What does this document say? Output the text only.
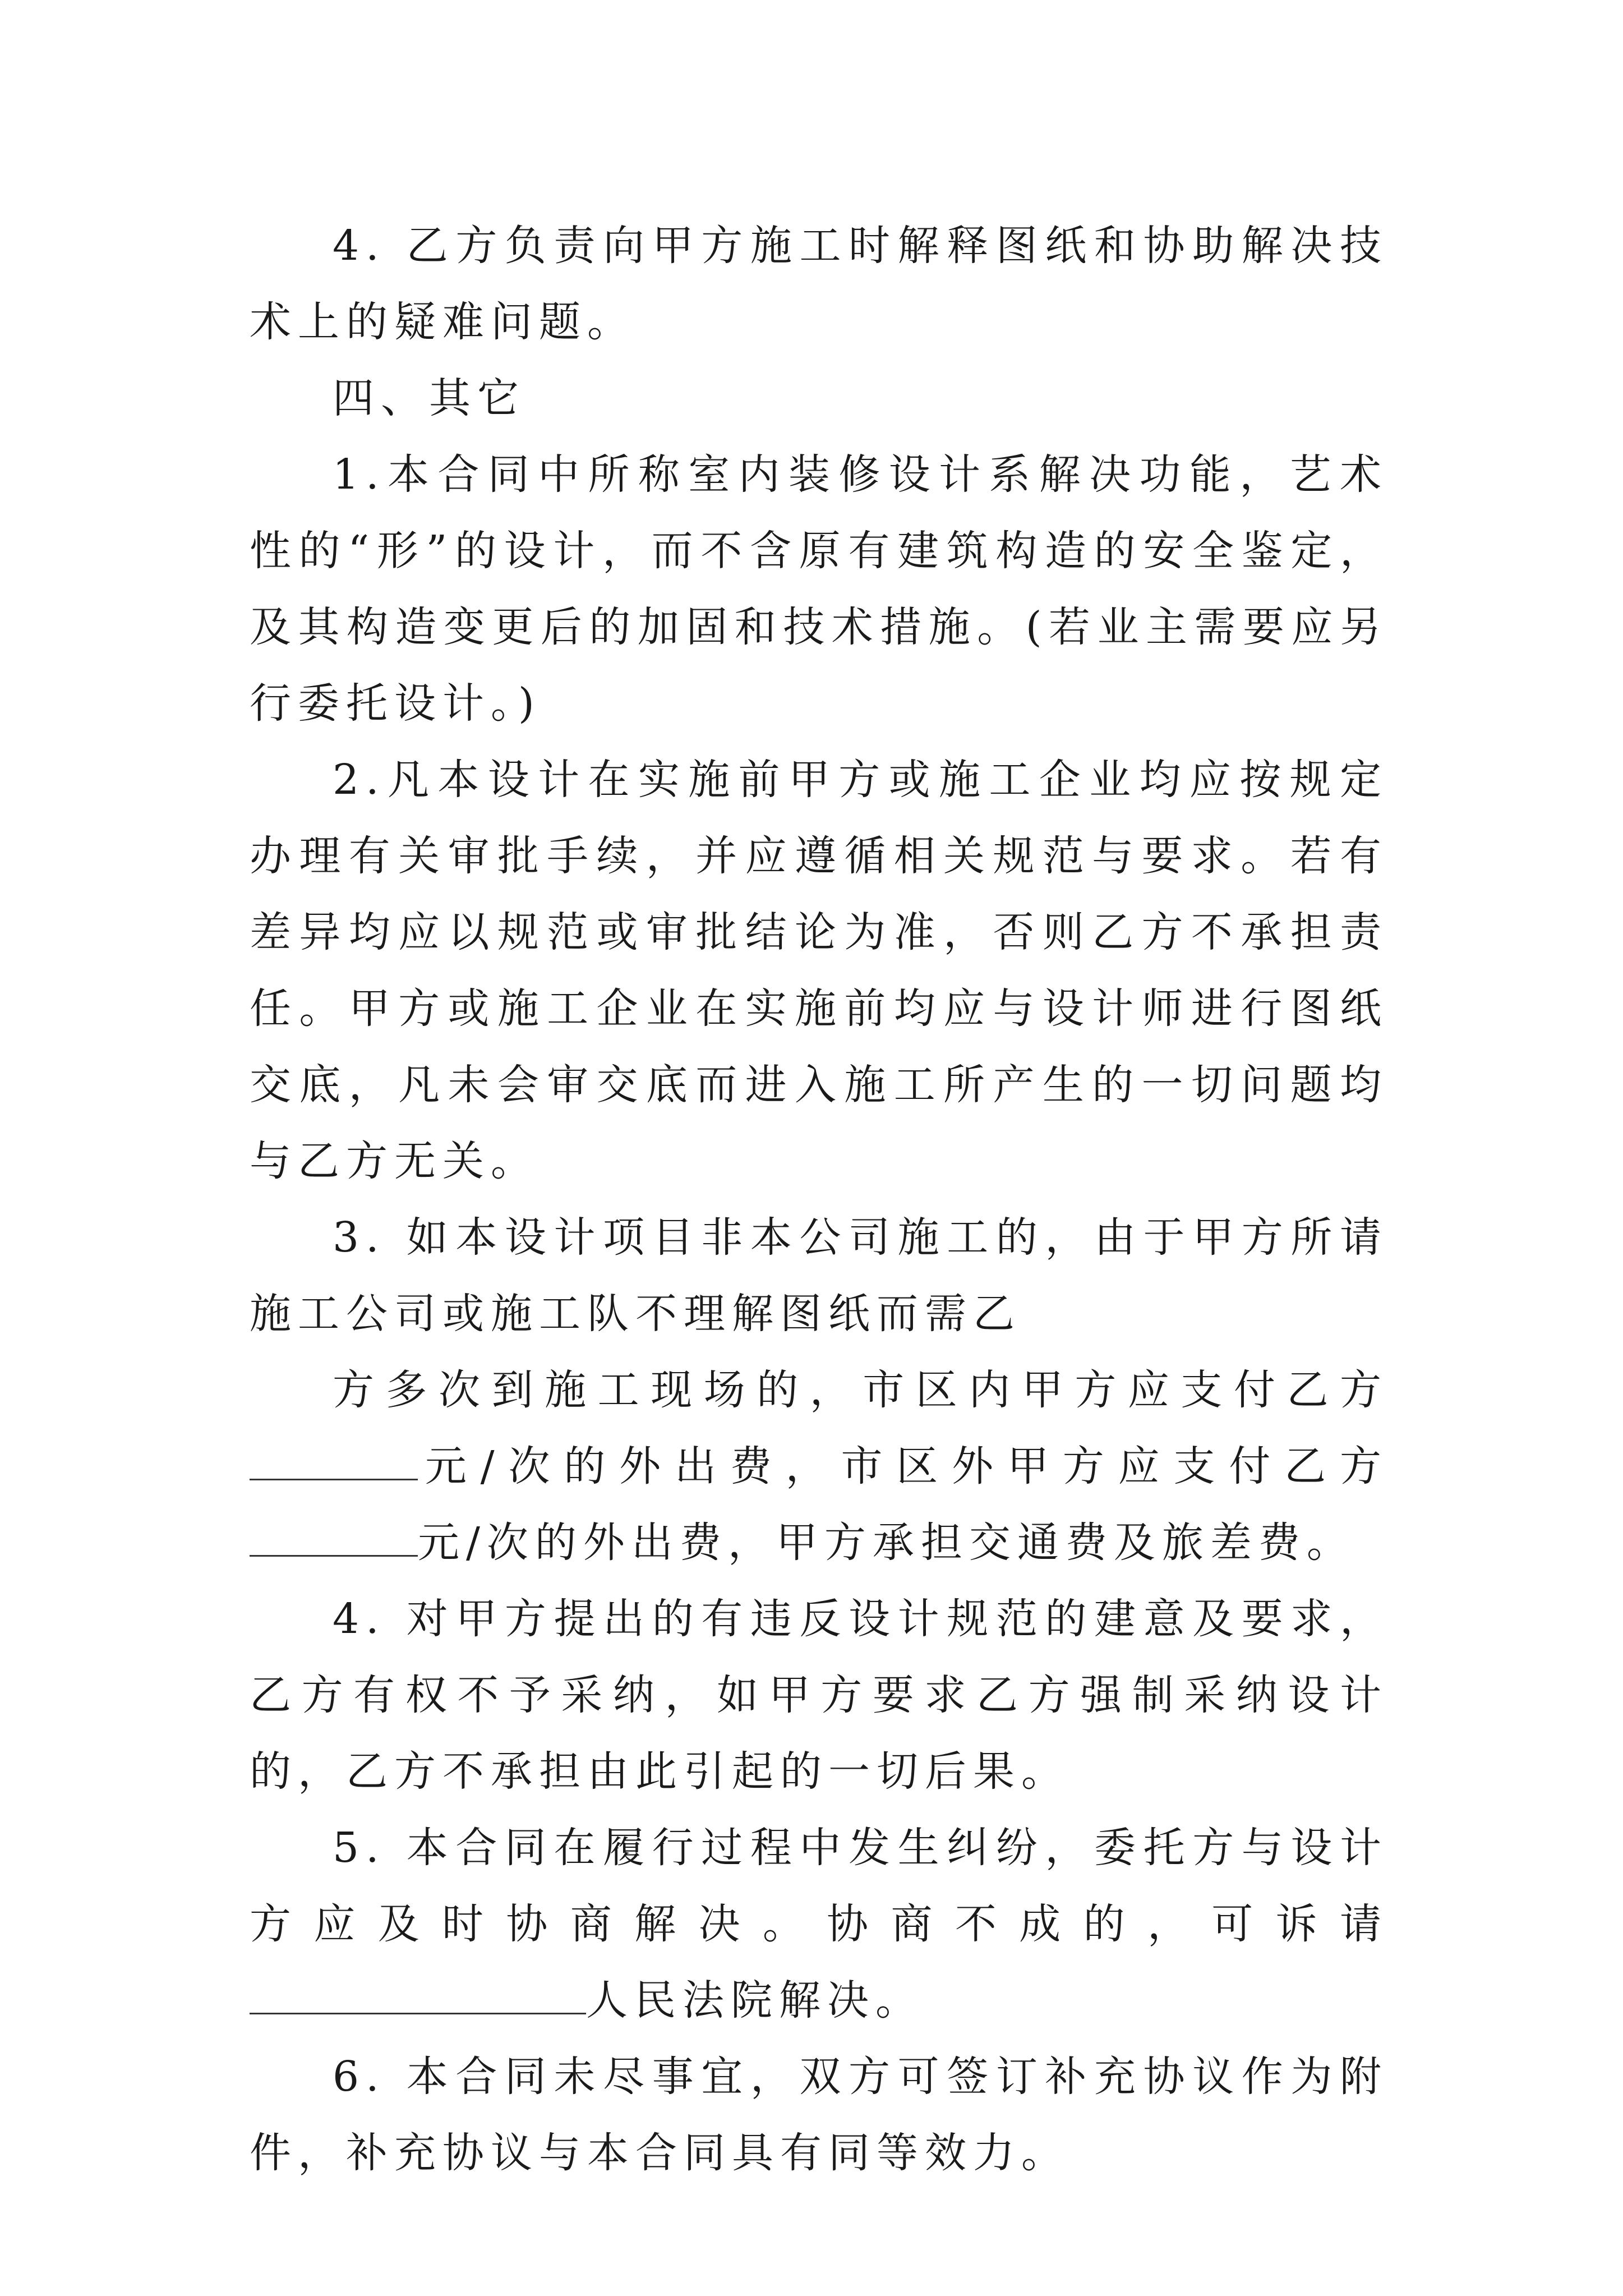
4. 乙方负责向甲方施工时解释图纸和协助解决技术上的疑难问题。

四、其它

1.本合同中所称室内装修设计系解决功能，艺术性的“形”的设计，而不含原有建筑构造的安全鉴定，及其构造变更后的加固和技术措施。(若业主需要应另行委托设计。)

2.凡本设计在实施前甲方或施工企业均应按规定办理有关审批手续，并应遵循相关规范与要求。若有差异均应以规范或审批结论为准，否则乙方不承担责任。甲方或施工企业在实施前均应与设计师进行图纸交底，凡未会审交底而进入施工所产生的一切问题均与乙方无关。

3. 如本设计项目非本公司施工的，由于甲方所请施工公司或施工队不理解图纸而需乙

方多次到施工现场的，市区内甲方应支付乙方元/次的外出费，市区外甲方应支付乙方元/次的外出费，甲方承担交通费及旅差费。

4. 对甲方提出的有违反设计规范的建意及要求，乙方有权不予采纳，如甲方要求乙方强制采纳设计的，乙方不承担由此引起的一切后果。

5. 本合同在履行过程中发生纠纷，委托方与设计方应及时协商解决。协商不成的，可诉请人民法院解决。

6. 本合同未尽事宜，双方可签订补充协议作为附件，补充协议与本合同具有同等效力。
